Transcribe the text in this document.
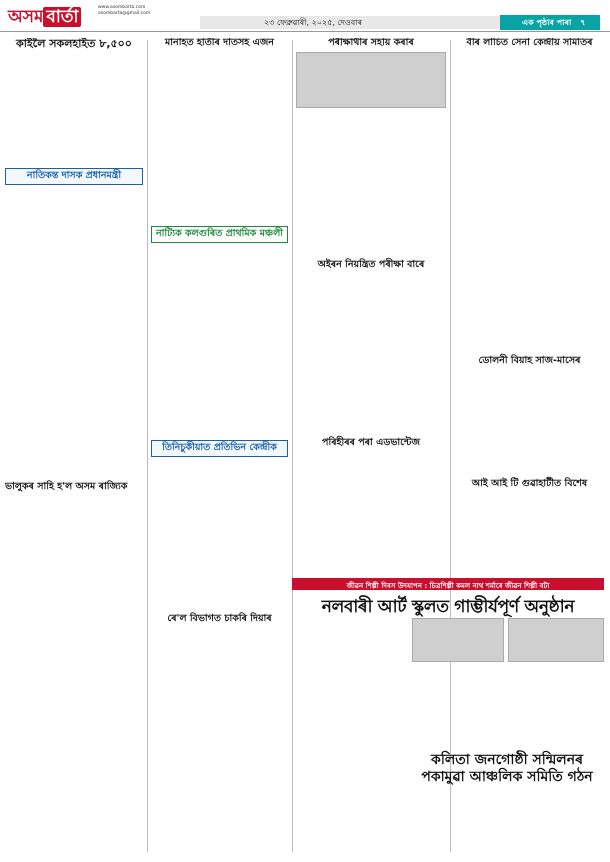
অসম বাৰ্তা	www.asombarta.com
asombarta@gmail.com
২৩ ফেব্ৰুৱাৰী, ২০২৫, দেওবাৰ	এক পৃষ্ঠাৰ পাৰা ৭
কাইলৈ সকলহাইত ৮,৫০০
নাতিকন্ত দাসক প্ৰধানমন্ত্ৰী
ভালুকৰ সাহি হ'ল অসম ৰাজ্যিক
মানাহত হাতীৰ দাঁতসহ এজন
নাট্যিক কলগুৰিত প্ৰাথমিক মঞ্চলী
তিনিচুকীয়াত প্ৰতিভিন কেন্দ্ৰীক
ৰে'ল বিভাগত চাকৰি দিয়াৰ
পৰীক্ষাথীৰ সহায় কৰাৰ
অইৰন নিয়ন্ত্ৰিত পৰীক্ষা বাৰে
পৰিহীৰৰ পৰা এডভান্টেজ
বীৰ লাচিত সেনা কেন্দ্ৰীয় সমিতিৰ
ডোলনী বিয়াহ সাজ-মাসেৰ
আই আই টি গুৱাহাটীত বিশেষ
জীৱন শিল্পী দিবস উদযাপন : চিত্ৰশিল্পী কমল নাথ শৰ্মাৰে জীৱন শিল্পী বটা
নলবাৰী আৰ্ট স্কুলত গাম্ভীৰ্যপূৰ্ণ অনুষ্ঠান
কলিতা জনগোষ্ঠী সন্মিলনৰ পকামুৱা আঞ্চলিক সমিতি গঠন
